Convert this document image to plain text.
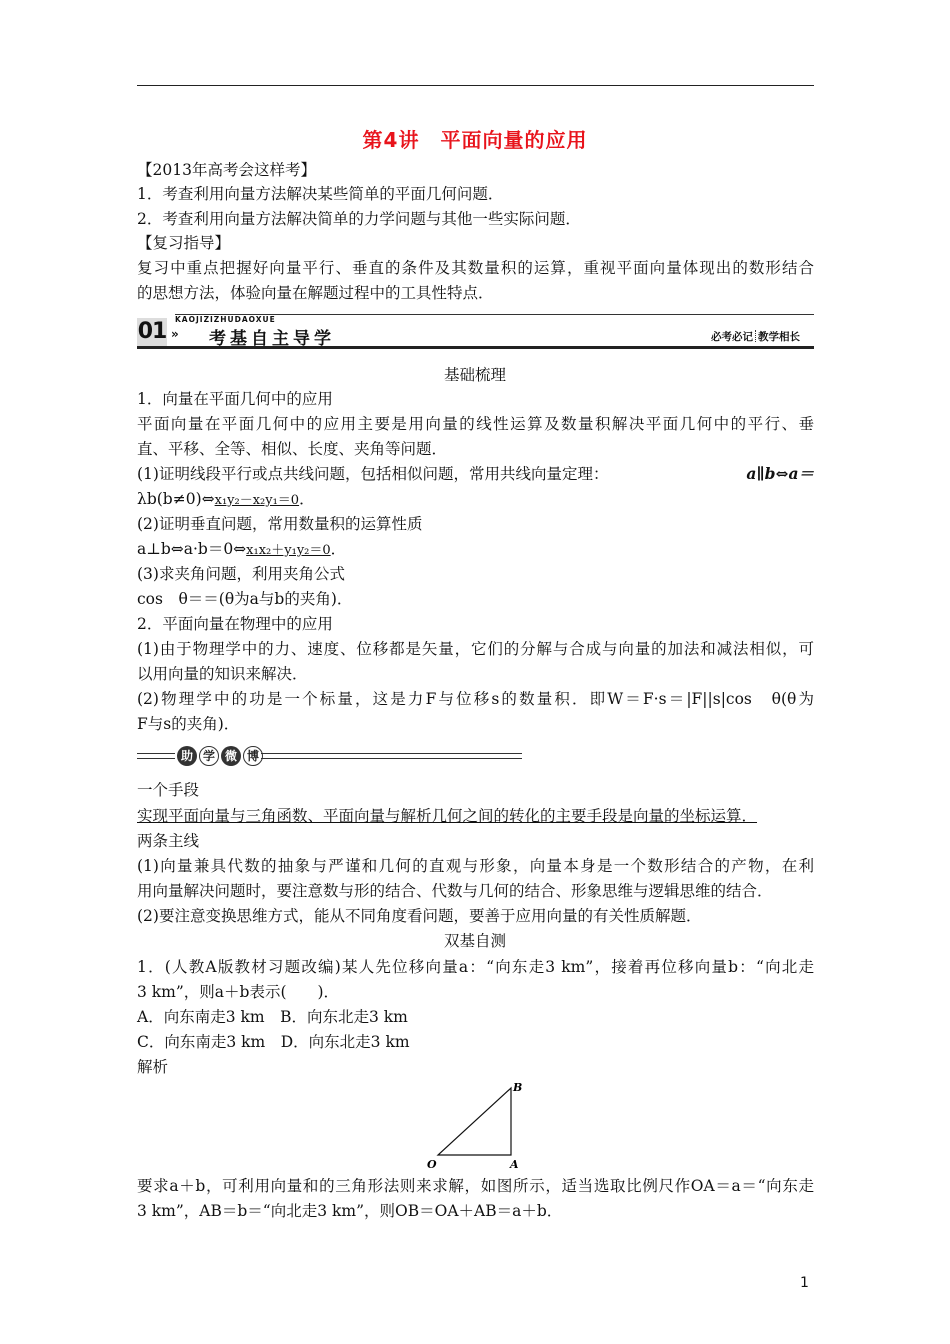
第4讲　平面向量的应用
【2013年高考会这样考】
1．考查利用向量方法解决某些简单的平面几何问题．
2．考查利用向量方法解决简单的力学问题与其他一些实际问题．
【复习指导】
复习中重点把握好向量平行、垂直的条件及其数量积的运算，重视平面向量体现出的数形结合
的思想方法，体验向量在解题过程中的工具性特点．
01 KAOJIZIZHUDAOXUE
» 考基自主导学	必考必记 教学相长
基础梳理
1．向量在平面几何中的应用
平面向量在平面几何中的应用主要是用向量的线性运算及数量积解决平面几何中的平行、垂
直、平移、全等、相似、长度、夹角等问题．
(1)证明线段平行或点共线问题，包括相似问题，常用共线向量定理：	a∥b⇔a＝
λb(b≠0)⇔x₁y₂－x₂y₁＝0．
(2)证明垂直问题，常用数量积的运算性质
a⊥b⇔a·b＝0⇔x₁x₂＋y₁y₂＝0．
(3)求夹角问题，利用夹角公式
cos　θ＝＝(θ为a与b的夹角)．
2．平面向量在物理中的应用
(1)由于物理学中的力、速度、位移都是矢量，它们的分解与合成与向量的加法和减法相似，可
以用向量的知识来解决．
(2)物理学中的功是一个标量，这是力F与位移s的数量积．即W＝F·s＝|F||s|cos　θ(θ为
F与s的夹角)．
助 学 微 博
一个手段
实现平面向量与三角函数、平面向量与解析几何之间的转化的主要手段是向量的坐标运算．
两条主线
(1)向量兼具代数的抽象与严谨和几何的直观与形象，向量本身是一个数形结合的产物，在利
用向量解决问题时，要注意数与形的结合、代数与几何的结合、形象思维与逻辑思维的结合．
(2)要注意变换思维方式，能从不同角度看问题，要善于应用向量的有关性质解题．
双基自测
1．(人教A版教材习题改编)某人先位移向量a：“向东走3 km”，接着再位移向量b：“向北走
3 km”，则a＋b表示(　　)．
A．向东南走3 km　B．向东北走3 km
C．向东南走3 km　D．向东北走3 km
解析
O	A
B
要求a＋b，可利用向量和的三角形法则来求解，如图所示，适当选取比例尺作OA＝a＝“向东走
3 km”，AB＝b＝“向北走3 km”，则OB＝OA＋AB＝a＋b．
1
